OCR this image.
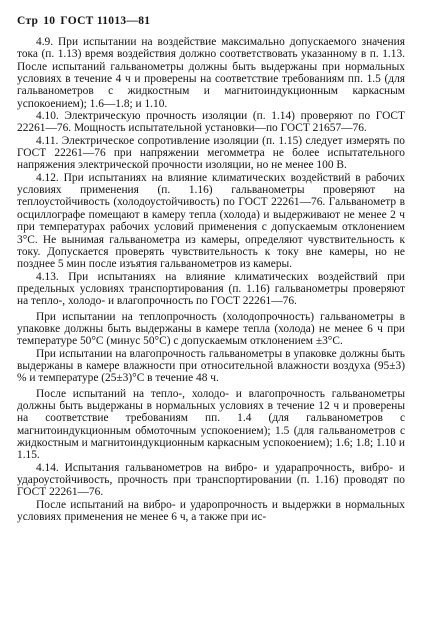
Стр 10 ГОСТ 11013—81

4.9. При испытании на воздействие максимально допускаемого значения тока (п. 1.13) время воздействия должно соответствовать указанному в п. 1.13. После испытаний гальванометры должны быть выдержаны при нормальных условиях в течение 4 ч и проверены на соответствие требованиям пп. 1.5 (для гальванометров с жидкостным и магнитоиндукционным каркасным успокоением); 1.6—1.8; и 1.10.

4.10. Электрическую прочность изоляции (п. 1.14) проверяют по ГОСТ 22261—76. Мощность испытательной установки—по ГОСТ 21657—76.

4.11. Электрическое сопротивление изоляции (п. 1.15) следует измерять по ГОСТ 22261—76 при напряжении мегомметра не более испытательного напряжения электрической прочности изоляции, но не менее 100 В.

4.12. При испытаниях на влияние климатических воздействий в рабочих условиях применения (п. 1.16) гальванометры проверяют на теплоустойчивость (холодоустойчивость) по ГОСТ 22261—76. Гальванометр в осциллографе помещают в камеру тепла (холода) и выдерживают не менее 2 ч при температурах рабочих условий применения с допускаемым отклонением 3°С. Не вынимая гальванометра из камеры, определяют чувствительность к току. Допускается проверять чувствительность к току вне камеры, но не позднее 5 мин после изъятия гальванометров из камеры.

4.13. При испытаниях на влияние климатических воздействий при предельных условиях транспортирования (п. 1.16) гальванометры проверяют на тепло-, холодо- и влагопрочность по ГОСТ 22261—76.

При испытании на теплопрочность (холодопрочность) гальванометры в упаковке должны быть выдержаны в камере тепла (холода) не менее 6 ч при температуре 50°С (минус 50°С) с допускаемым отклонением ±3°С.

При испытании на влагопрочность гальванометры в упаковке должны быть выдержаны в камере влажности при относительной влажности воздуха (95±3) % и температуре (25±3)°С в течение 48 ч.

После испытаний на тепло-, холодо- и влагопрочность гальванометры должны быть выдержаны в нормальных условиях в течение 12 ч и проверены на соответствие требованиям пп. 1.4 (для гальванометров с магнитоиндукционным обмоточным успокоением); 1.5 (для гальванометров с жидкостным и магнитоиндукционным каркасным успокоением); 1.6; 1.8; 1.10 и 1.15.

4.14. Испытания гальванометров на вибро- и ударапрочность, вибро- и удароустойчивость, прочность при транспортировании (п. 1.16) проводят по ГОСТ 22261—76.

После испытаний на вибро- и ударопрочность и выдержки в нормальных условиях применения не менее 6 ч, а также при ис-
